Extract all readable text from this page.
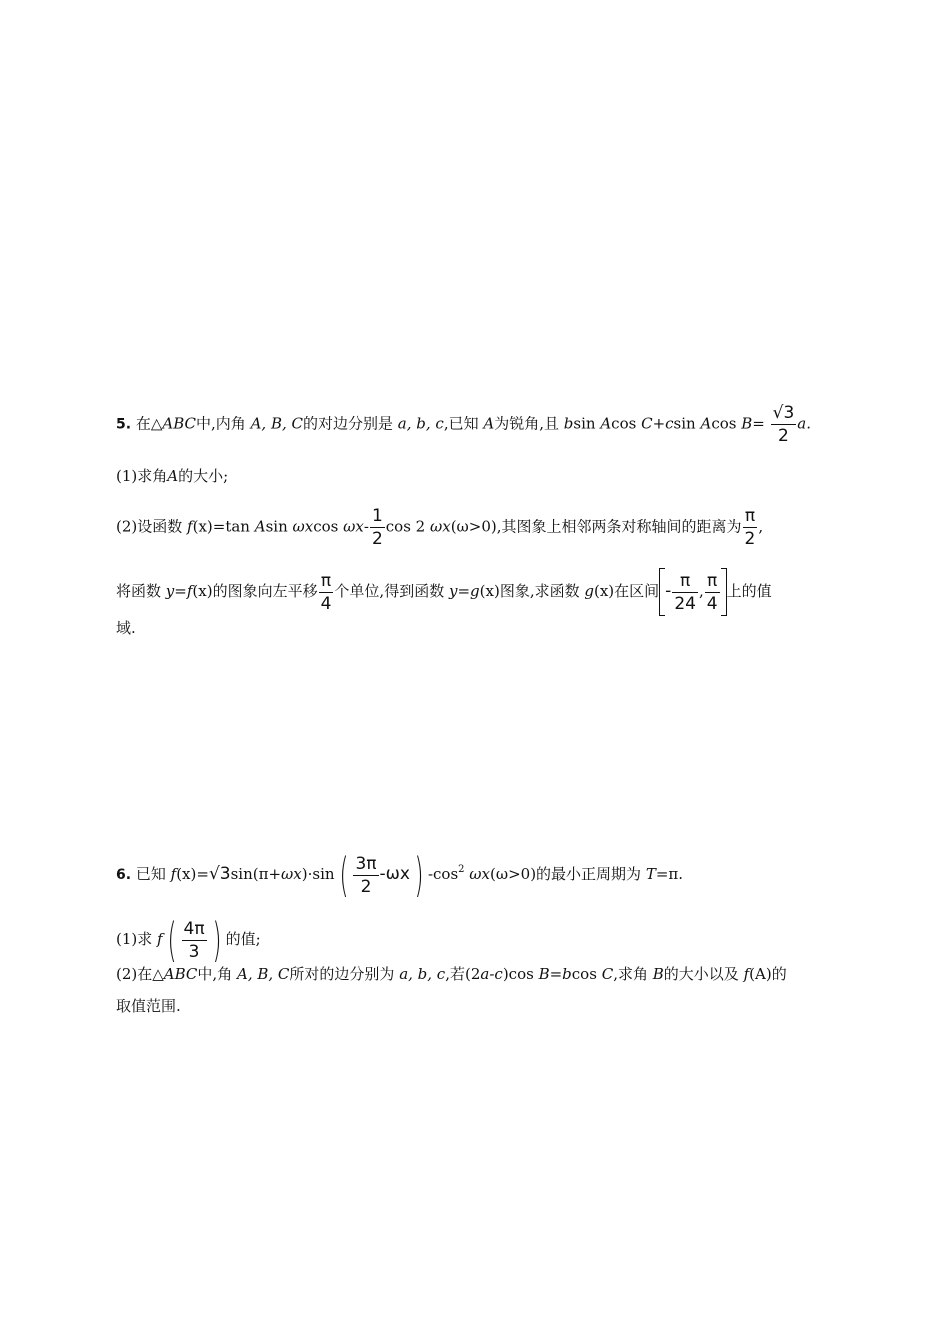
5. 在△ABC中,内角 A, B, C的对边分别是 a, b, c,已知 A为锐角,且 bsin Acos C+csin Acos $B= \frac{√3}{2} a$.
(1)求角A的大小;
(2)设函数 f(x)=tan Asin ωxcos $\omega x- \frac{1}{2}$ cos 2 ωx(ω>0),其图象上相邻两条对称轴间的距离为 $\frac{\pi}{2}$ ,
将函数 y=f(x)的图象向左平移 $\frac{\pi}{4}$ 个单位,得到函数 y=g(x)图象,求函数 g(x)在区间 - $\frac{\pi}{24}$ , $\frac{\pi}{4}$ 上的值
域.
6. 已知 $f(x)=√3\sin(\pi+\omega x)\cdot\sin( \frac{3\pi}{2} -\omega x)$ $-\cos^2$ ωx(ω>0)的最小正周期为 T=π.
(1)求 $f( \frac{4\pi}{3}$ ) 的值;
(2)在△ABC中,角 A, B, C所对的边分别为 a, b, c,若(2a-c)cos B=bcos C,求角 B的大小以及 f(A)的
取值范围.
